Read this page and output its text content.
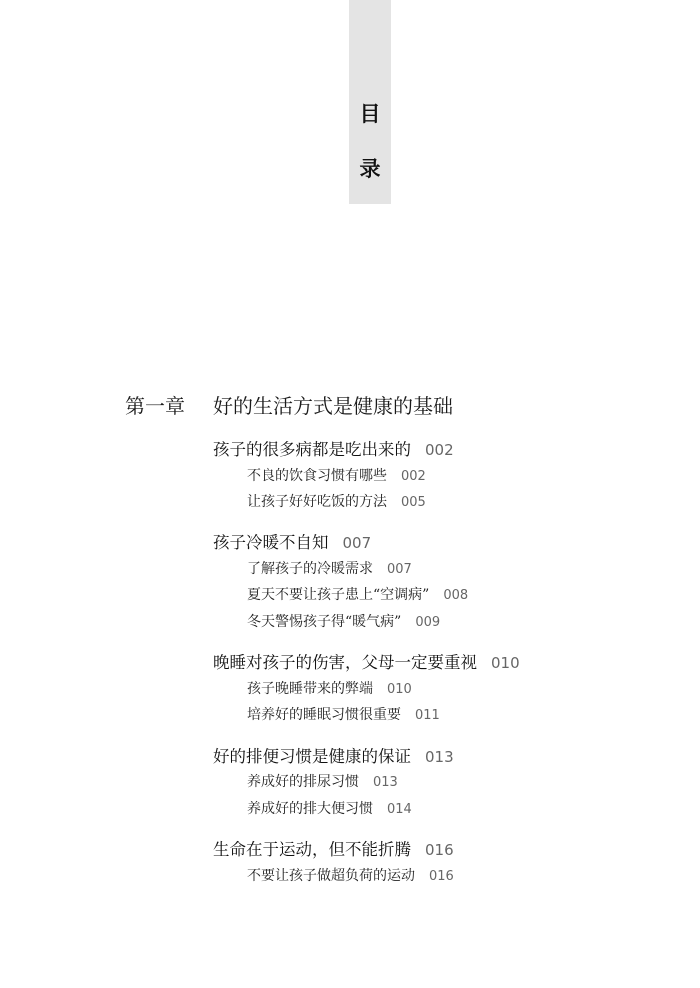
目
录
第一章 好的生活方式是健康的基础
孩子的很多病都是吃出来的 002
不良的饮食习惯有哪些 002
让孩子好好吃饭的方法 005
孩子冷暖不自知 007
了解孩子的冷暖需求 007
夏天不要让孩子患上“空调病” 008
冬天警惕孩子得“暖气病” 009
晚睡对孩子的伤害，父母一定要重视 010
孩子晚睡带来的弊端 010
培养好的睡眠习惯很重要 011
好的排便习惯是健康的保证 013
养成好的排尿习惯 013
养成好的排大便习惯 014
生命在于运动，但不能折腾 016
不要让孩子做超负荷的运动 016
